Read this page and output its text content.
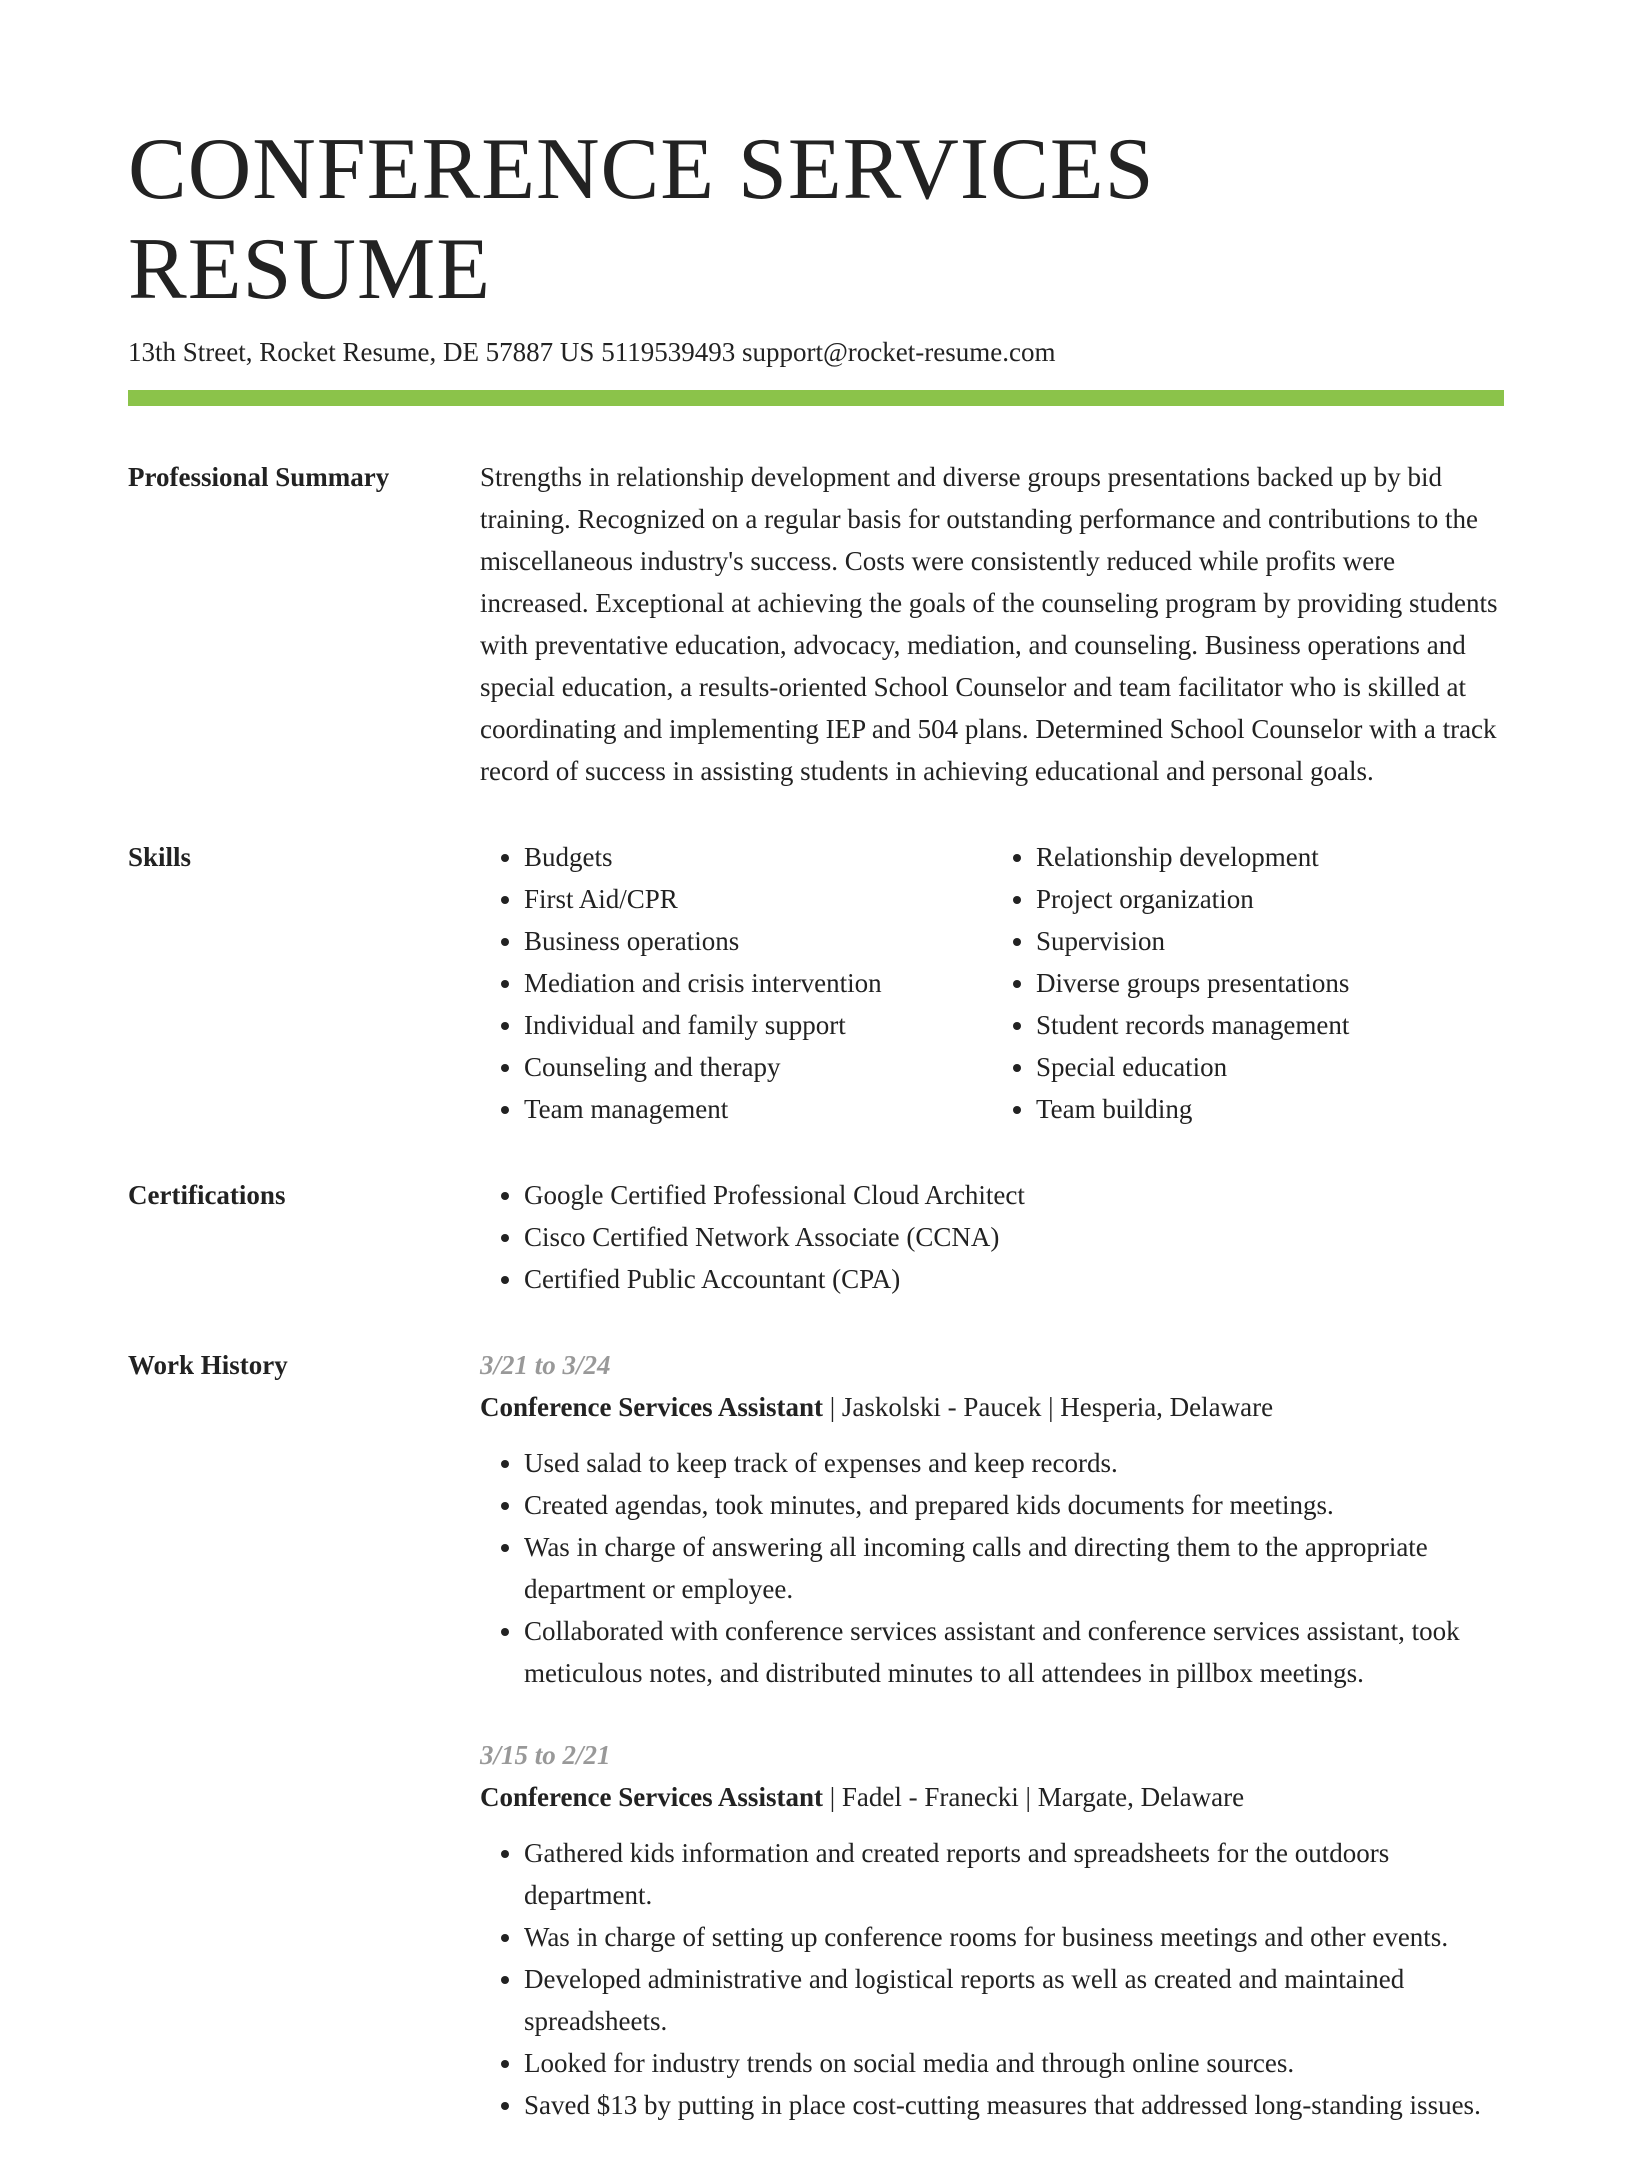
CONFERENCE SERVICES RESUME
13th Street, Rocket Resume, DE 57887 US 5119539493 support@rocket-resume.com
Professional Summary	Strengths in relationship development and diverse groups presentations backed up by bid training. Recognized on a regular basis for outstanding performance and contributions to the miscellaneous industry's success. Costs were consistently reduced while profits were increased. Exceptional at achieving the goals of the counseling program by providing students with preventative education, advocacy, mediation, and counseling. Business operations and special education, a results-oriented School Counselor and team facilitator who is skilled at coordinating and implementing IEP and 504 plans. Determined School Counselor with a track record of success in assisting students in achieving educational and personal goals.

Skills	• Budgets
• First Aid/CPR
• Business operations
• Mediation and crisis intervention
• Individual and family support
• Counseling and therapy
• Team management
• Relationship development
• Project organization
• Supervision
• Diverse groups presentations
• Student records management
• Special education
• Team building
Certifications	• Google Certified Professional Cloud Architect
• Cisco Certified Network Associate (CCNA)
• Certified Public Accountant (CPA)
Work History	3/21 to 3/24
Conference Services Assistant | Jaskolski - Paucek | Hesperia, Delaware
• Used salad to keep track of expenses and keep records.
• Created agendas, took minutes, and prepared kids documents for meetings.
• Was in charge of answering all incoming calls and directing them to the appropriate department or employee.
• Collaborated with conference services assistant and conference services assistant, took meticulous notes, and distributed minutes to all attendees in pillbox meetings.
3/15 to 2/21
Conference Services Assistant | Fadel - Franecki | Margate, Delaware
• Gathered kids information and created reports and spreadsheets for the outdoors department.
• Was in charge of setting up conference rooms for business meetings and other events.
• Developed administrative and logistical reports as well as created and maintained spreadsheets.
• Looked for industry trends on social media and through online sources.
• Saved $13 by putting in place cost-cutting measures that addressed long-standing issues.
